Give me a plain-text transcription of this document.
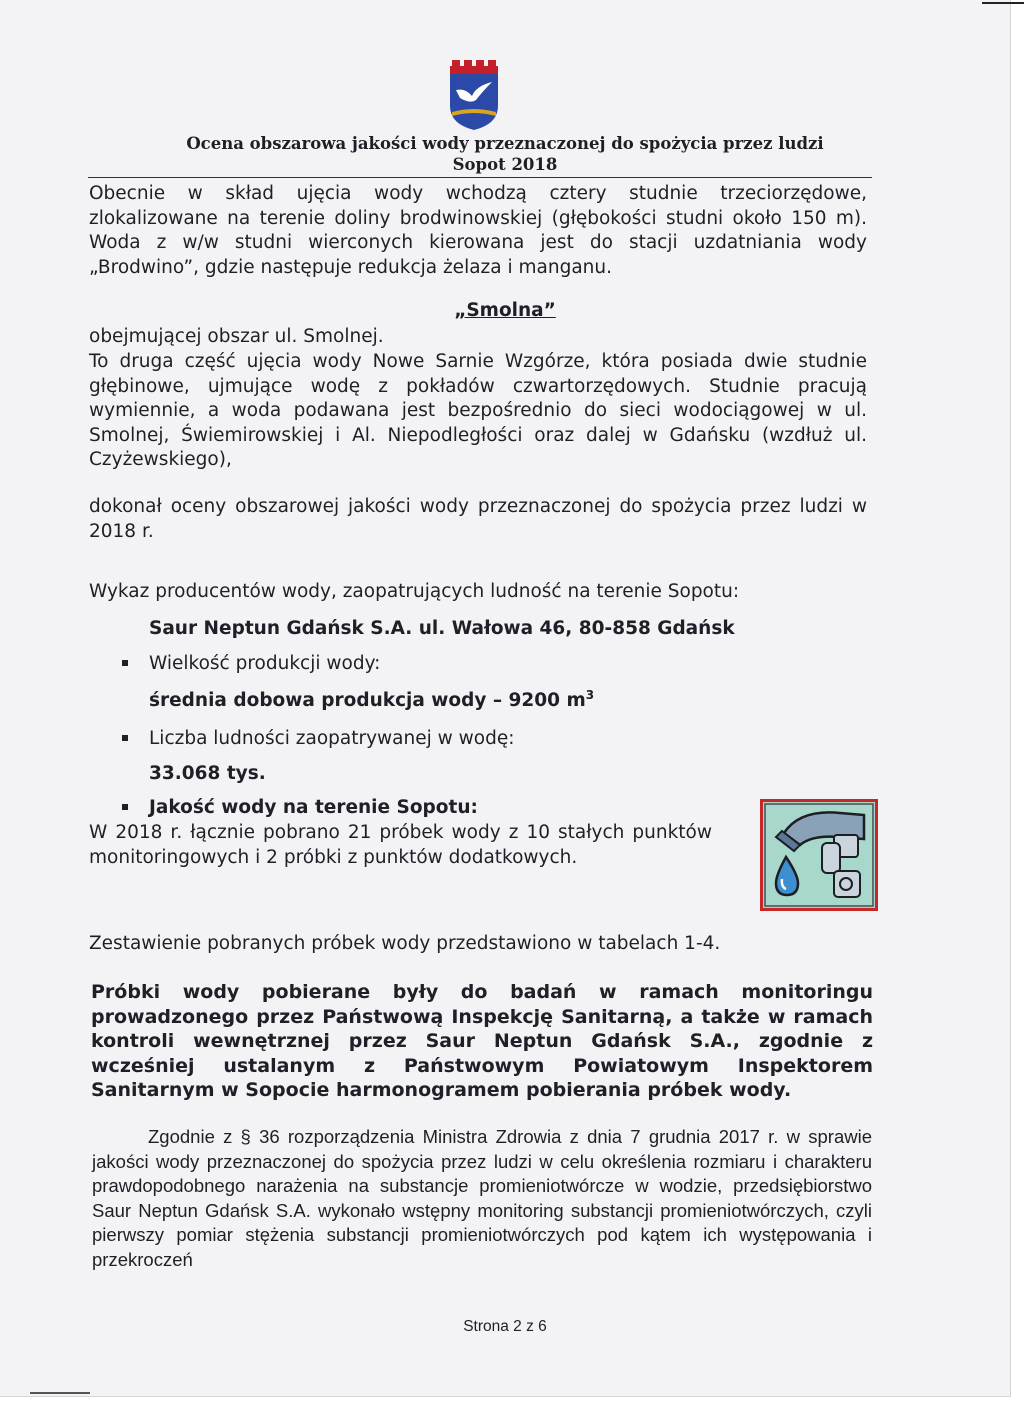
Ocena obszarowa jakości wody przeznaczonej do spożycia przez ludzi
Sopot 2018

Obecnie w skład ujęcia wody wchodzą cztery studnie trzeciorzędowe, zlokalizowane na terenie doliny brodwinowskiej (głębokości studni około 150 m). Woda z w/w studni wierconych kierowana jest do stacji uzdatniania wody „Brodwino”, gdzie następuje redukcja żelaza i manganu.

„Smolna”

obejmującej obszar ul. Smolnej.

To druga część ujęcia wody Nowe Sarnie Wzgórze, która posiada dwie studnie głębinowe, ujmujące wodę z pokładów czwartorzędowych. Studnie pracują wymiennie, a woda podawana jest bezpośrednio do sieci wodociągowej w ul. Smolnej, Świemirowskiej i Al. Niepodległości oraz dalej w Gdańsku (wzdłuż ul. Czyżewskiego),

dokonał oceny obszarowej jakości wody przeznaczonej do spożycia przez ludzi w 2018 r.

Wykaz producentów wody, zaopatrujących ludność na terenie Sopotu:

Saur Neptun Gdańsk S.A. ul. Wałowa 46, 80-858 Gdańsk

Wielkość produkcji wody:

średnia dobowa produkcja wody – 9200 $m^3$

Liczba ludności zaopatrywanej w wodę:

33.068 tys.

Jakość wody na terenie Sopotu:

W 2018 r. łącznie pobrano 21 próbek wody z 10 stałych punktów monitoringowych i 2 próbki z punktów dodatkowych.

Zestawienie pobranych próbek wody przedstawiono w tabelach 1-4.

Próbki wody pobierane były do badań w ramach monitoringu prowadzonego przez Państwową Inspekcję Sanitarną, a także w ramach kontroli wewnętrznej przez Saur Neptun Gdańsk S.A., zgodnie z wcześniej ustalanym z Państwowym Powiatowym Inspektorem Sanitarnym w Sopocie harmonogramem pobierania próbek wody.

Zgodnie z § 36 rozporządzenia Ministra Zdrowia z dnia 7 grudnia 2017 r. w sprawie jakości wody przeznaczonej do spożycia przez ludzi w celu określenia rozmiaru i charakteru prawdopodobnego narażenia na substancje promieniotwórcze w wodzie, przedsiębiorstwo Saur Neptun Gdańsk S.A. wykonało wstępny monitoring substancji promieniotwórczych, czyli pierwszy pomiar stężenia substancji promieniotwórczych pod kątem ich występowania i przekroczeń

Strona 2 z 6
